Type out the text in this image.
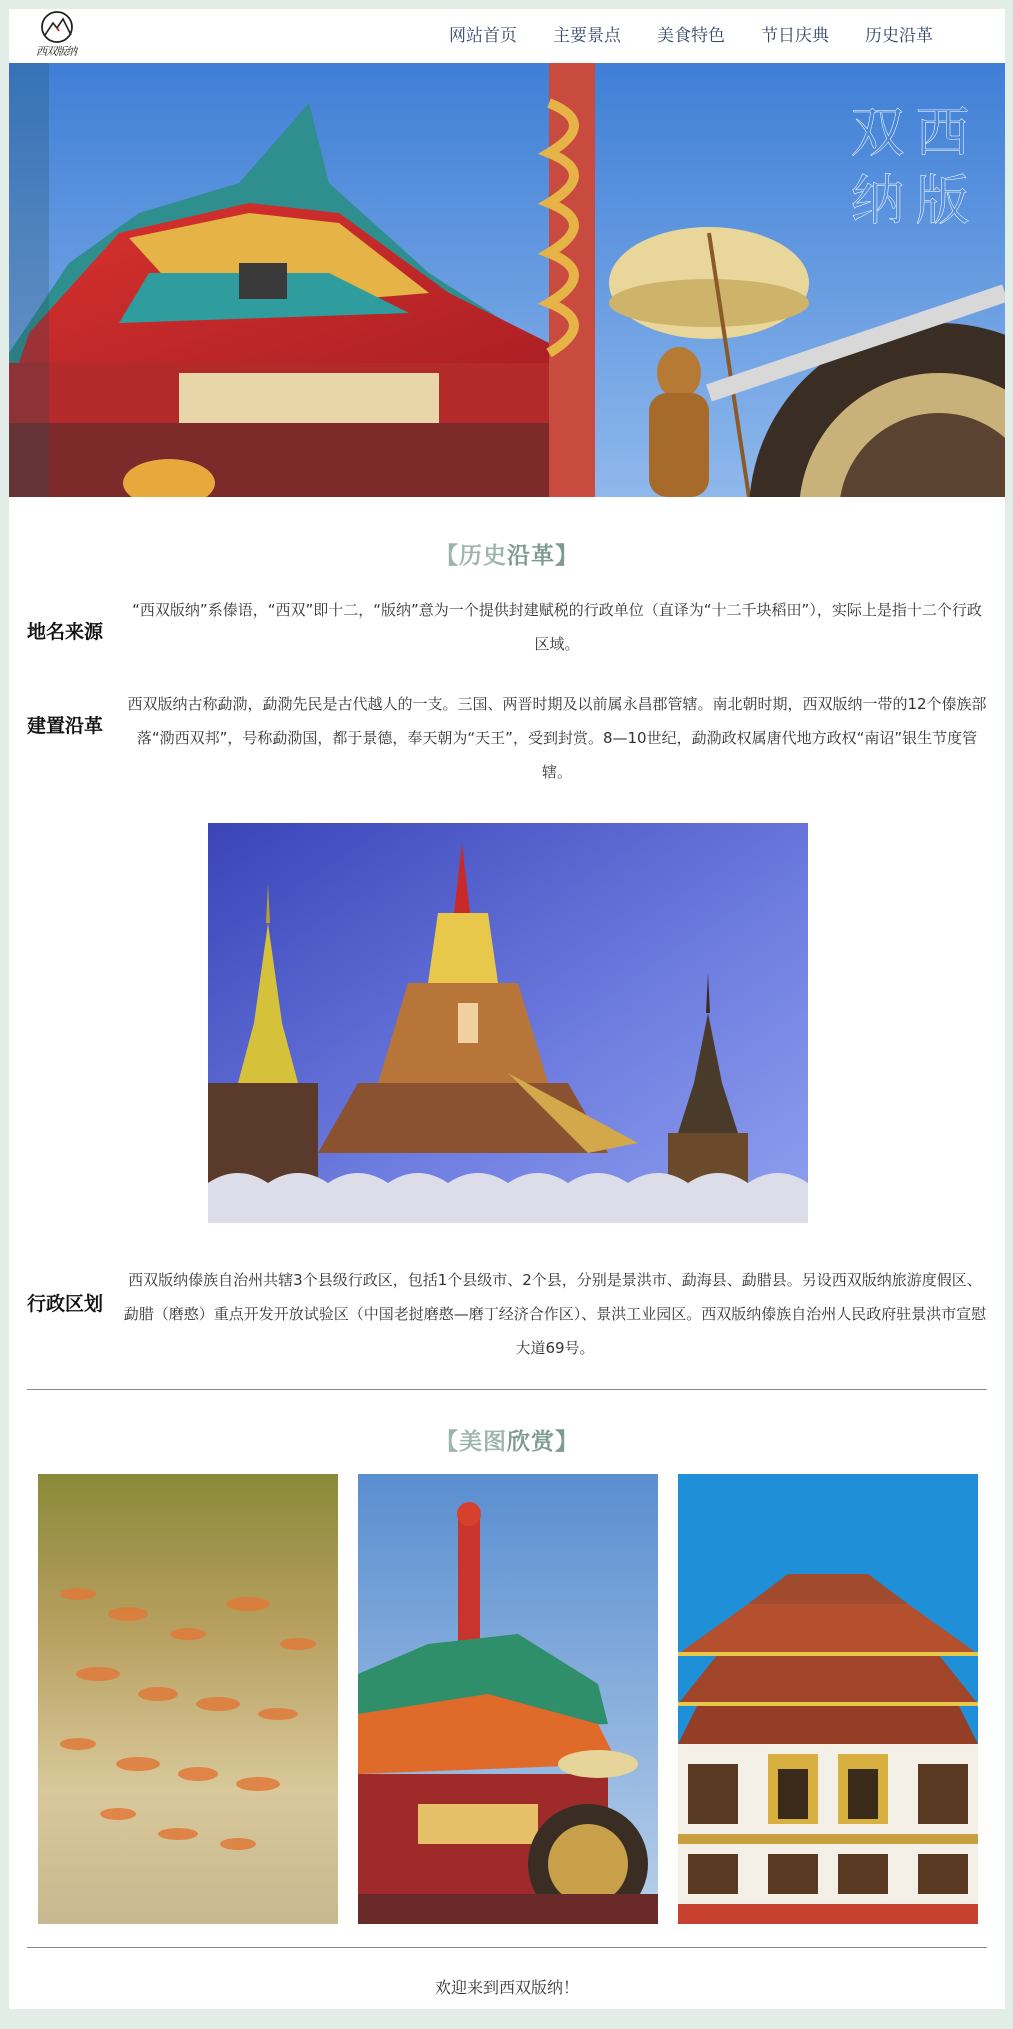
西双版纳
网站首页 主要景点 美食特色 节日庆典 历史沿革
西
双
版
纳
【历史沿革】
地名来源
“西双版纳”系傣语，“西双”即十二，“版纳”意为一个提供封建赋税的行政单位（直译为“十二千块稻田”），实际上是指十二个行政区域。
建置沿革
西双版纳古称勐泐，勐泐先民是古代越人的一支。三国、两晋时期及以前属永昌郡管辖。南北朝时期，西双版纳一带的12个傣族部落“泐西双邦”，号称勐泐国，都于景德，奉天朝为“天王”，受到封赏。8—10世纪，勐泐政权属唐代地方政权“南诏”银生节度管辖。
行政区划
西双版纳傣族自治州共辖3个县级行政区，包括1个县级市、2个县，分别是景洪市、勐海县、勐腊县。另设西双版纳旅游度假区、勐腊（磨憨）重点开发开放试验区（中国老挝磨憨—磨丁经济合作区）、景洪工业园区。西双版纳傣族自治州人民政府驻景洪市宣慰大道69号。
【美图欣赏】
欢迎来到西双版纳！
